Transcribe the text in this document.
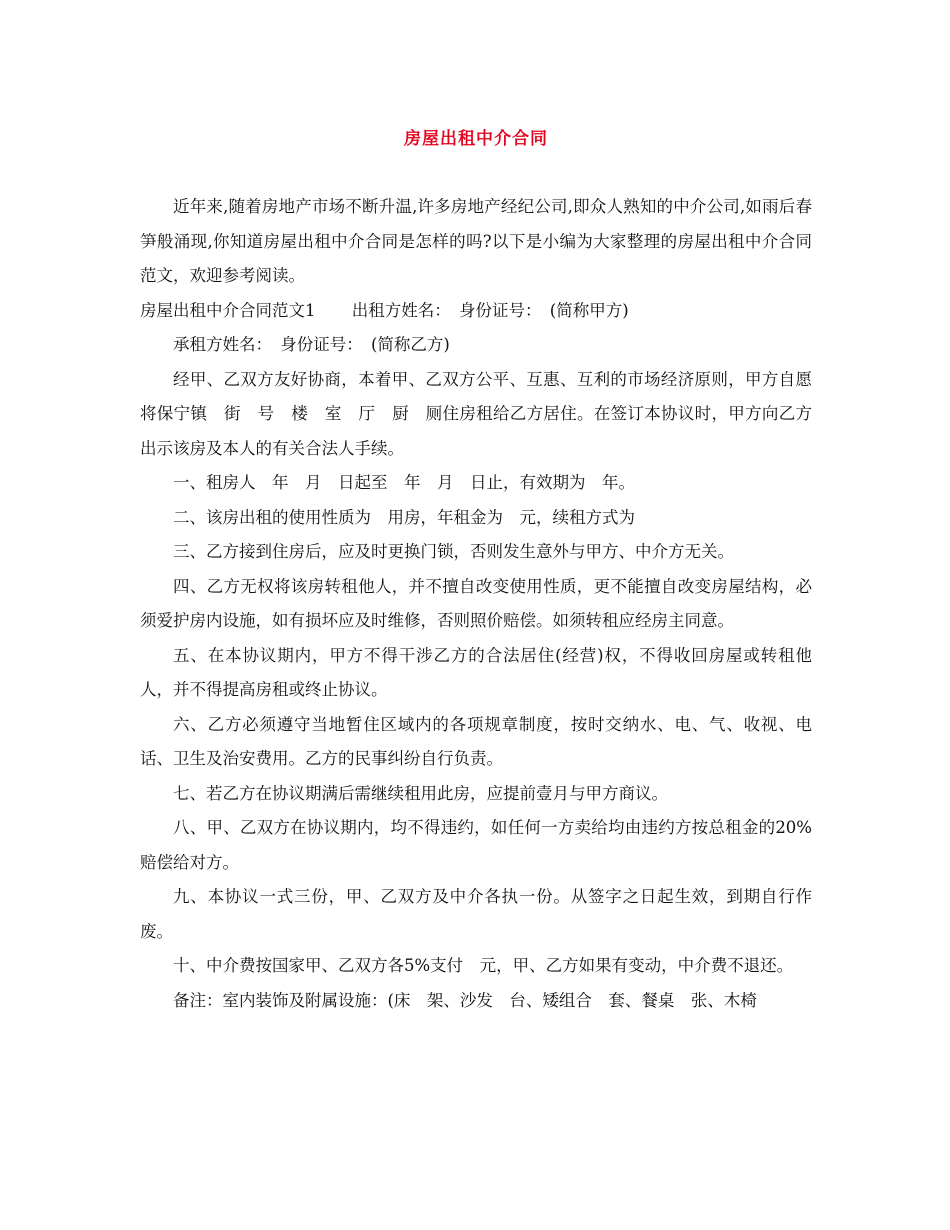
房屋出租中介合同

近年来,随着房地产市场不断升温,许多房地产经纪公司,即众人熟知的中介公司,如雨后春笋般涌现,你知道房屋出租中介合同是怎样的吗?以下是小编为大家整理的房屋出租中介合同范文，欢迎参考阅读。

房屋出租中介合同范文1 出租方姓名：　身份证号：　(简称甲方)

承租方姓名：　身份证号：　(简称乙方)

经甲、乙双方友好协商，本着甲、乙双方公平、互惠、互利的市场经济原则，甲方自愿将保宁镇　街　号　楼　室　厅　厨　厕住房租给乙方居住。在签订本协议时，甲方向乙方出示该房及本人的有关合法人手续。

一、租房人　年　月　日起至　年　月　日止，有效期为　年。

二、该房出租的使用性质为　用房，年租金为　元，续租方式为

三、乙方接到住房后，应及时更换门锁，否则发生意外与甲方、中介方无关。

四、乙方无权将该房转租他人，并不擅自改变使用性质，更不能擅自改变房屋结构，必须爱护房内设施，如有损坏应及时维修，否则照价赔偿。如须转租应经房主同意。

五、在本协议期内，甲方不得干涉乙方的合法居住(经营)权，不得收回房屋或转租他人，并不得提高房租或终止协议。

六、乙方必须遵守当地暂住区域内的各项规章制度，按时交纳水、电、气、收视、电话、卫生及治安费用。乙方的民事纠纷自行负责。

七、若乙方在协议期满后需继续租用此房，应提前壹月与甲方商议。

八、甲、乙双方在协议期内，均不得违约，如任何一方卖给均由违约方按总租金的20%赔偿给对方。

九、本协议一式三份，甲、乙双方及中介各执一份。从签字之日起生效，到期自行作废。

十、中介费按国家甲、乙双方各5%支付　元，甲、乙方如果有变动，中介费不退还。

备注：室内装饰及附属设施：(床　架、沙发　台、矮组合　套、餐桌　张、木椅
